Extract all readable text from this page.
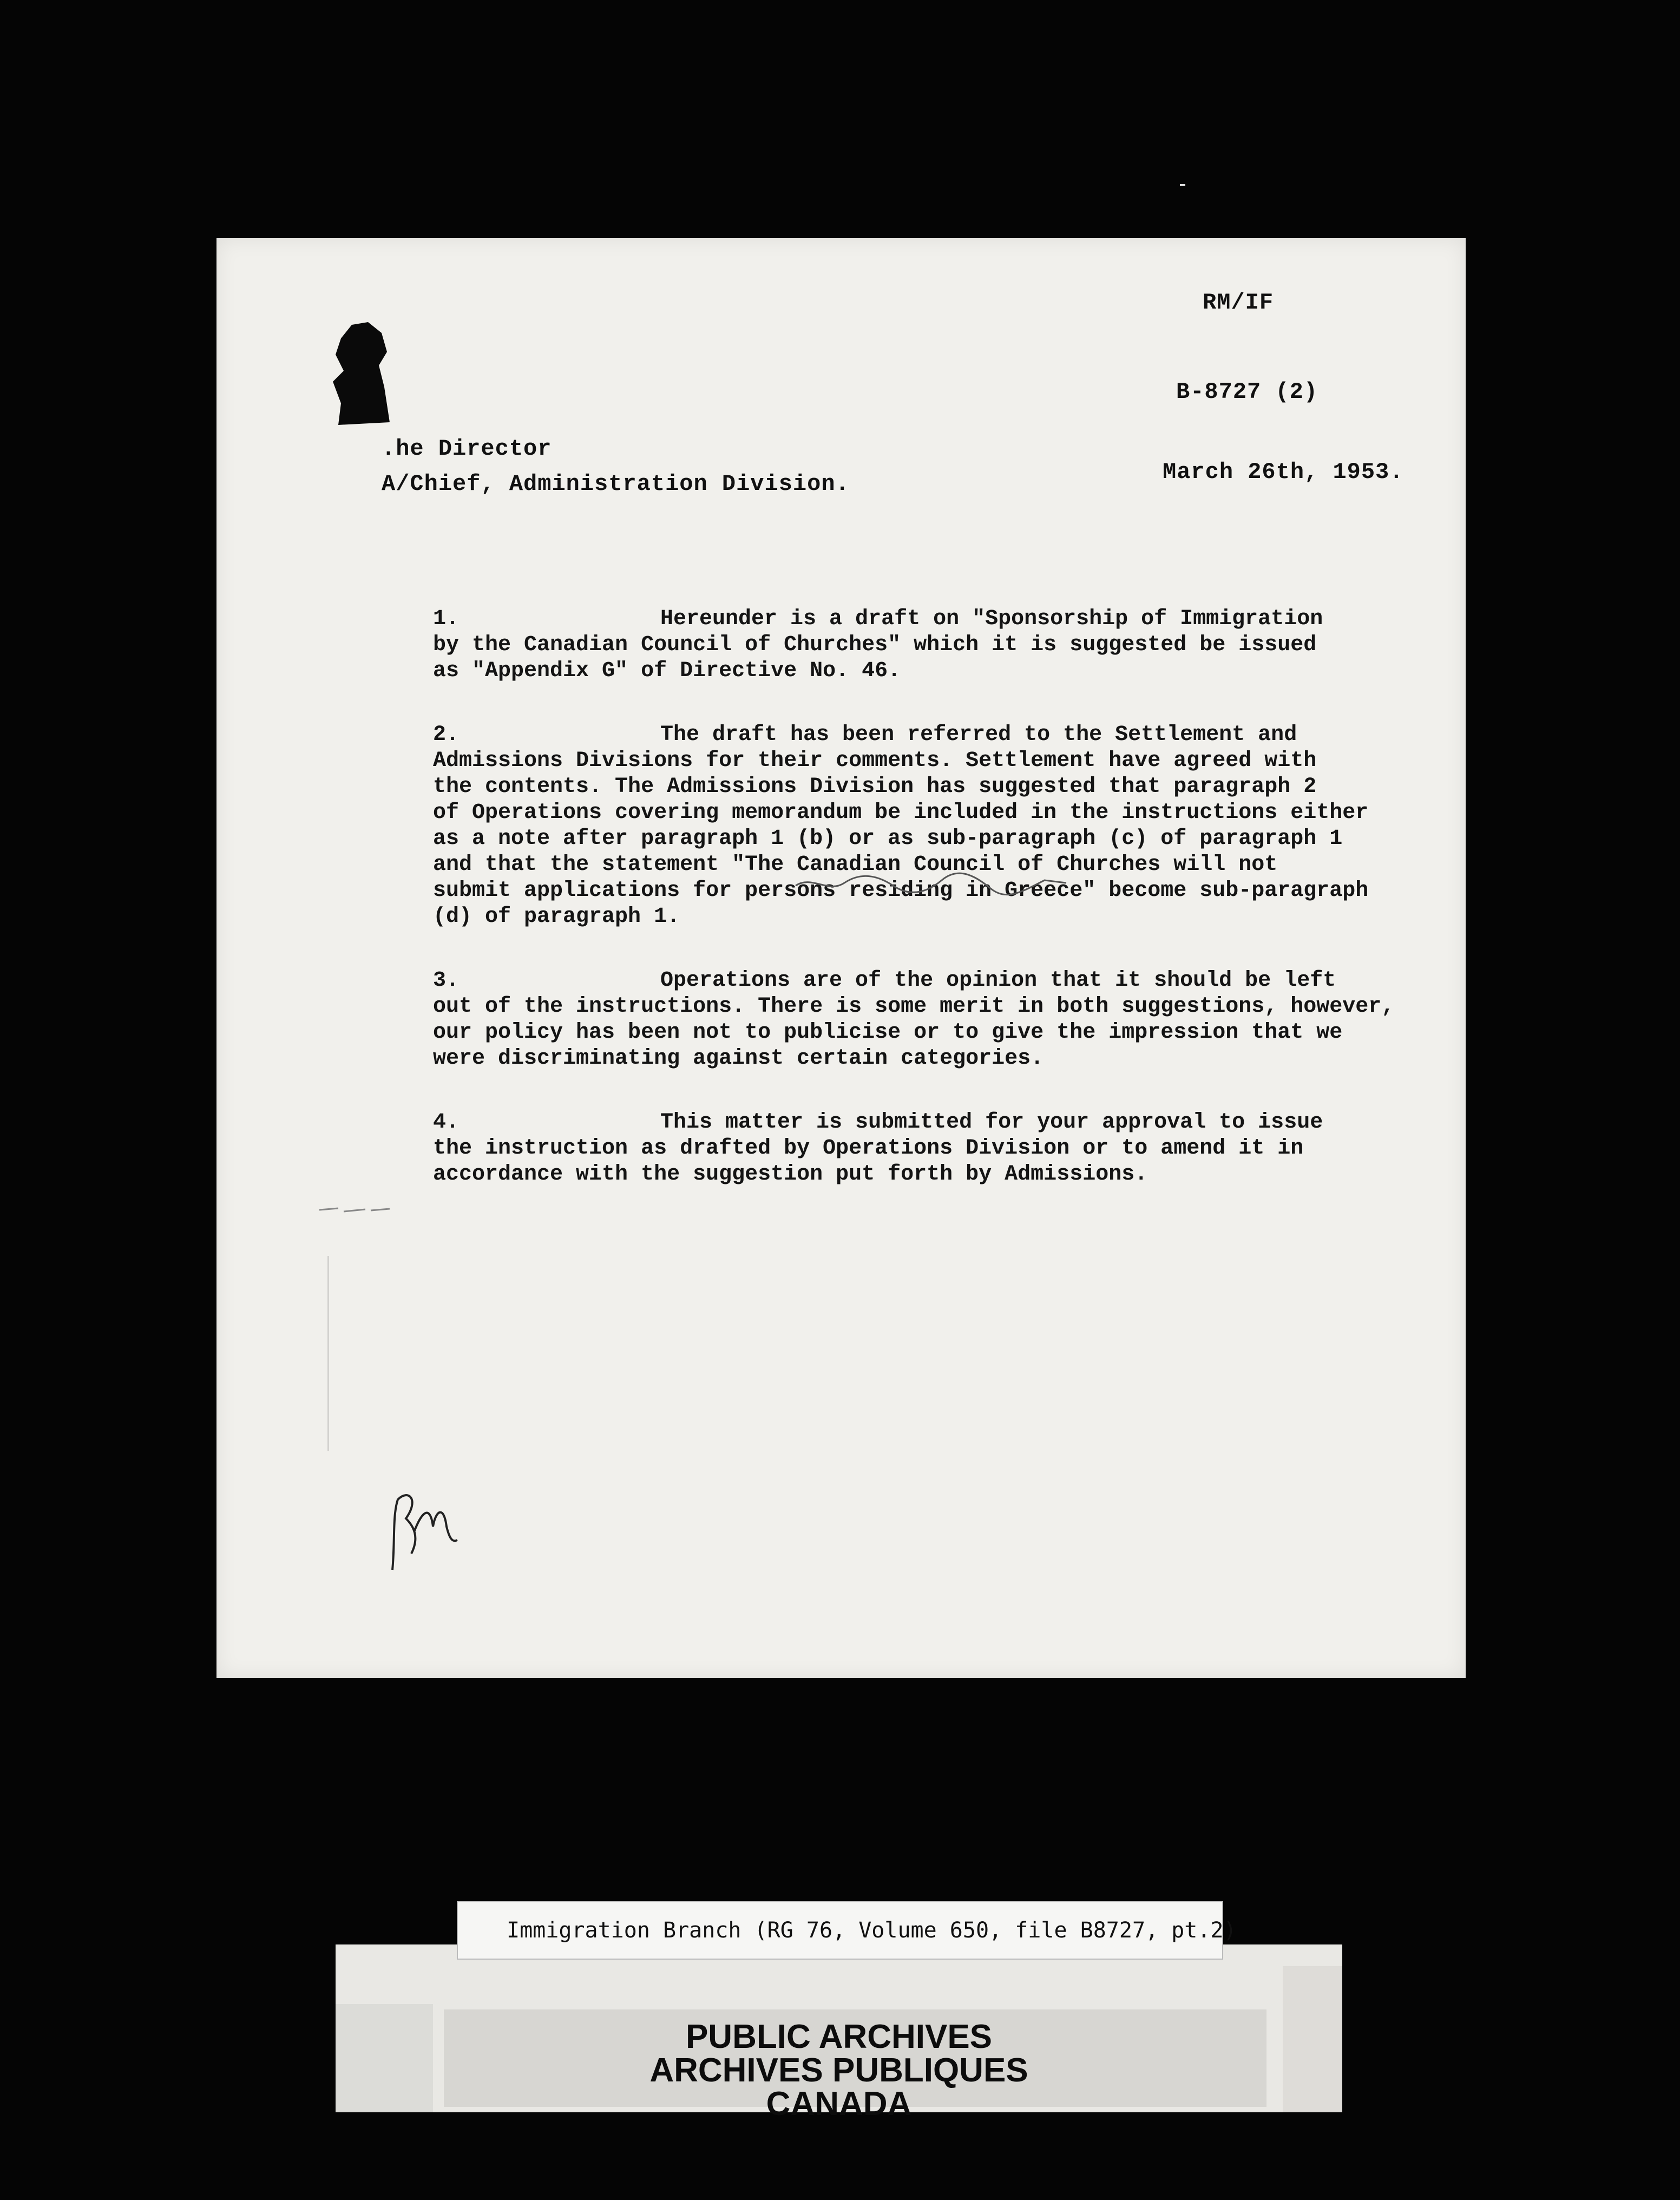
RM/IF
B-8727 (2)
.he Director
A/Chief, Administration Division.	March 26th, 1953.

1.	Hereunder is a draft on "Sponsorship of Immigration
by the Canadian Council of Churches" which it is suggested be issued
as "Appendix G" of Directive No. 46.

2.	The draft has been referred to the Settlement and
Admissions Divisions for their comments. Settlement have agreed with
the contents. The Admissions Division has suggested that paragraph 2
of Operations covering memorandum be included in the instructions either
as a note after paragraph 1 (b) or as sub-paragraph (c) of paragraph 1
and that the statement "The Canadian Council of Churches will not
submit applications for persons residing in Greece" become sub-paragraph
(d) of paragraph 1.

3.	Operations are of the opinion that it should be left
out of the instructions. There is some merit in both suggestions, however,
our policy has been not to publicise or to give the impression that we
were discriminating against certain categories.

4.	This matter is submitted for your approval to issue
the instruction as drafted by Operations Division or to amend it in
accordance with the suggestion put forth by Admissions.

PUBLIC ARCHIVES
ARCHIVES PUBLIQUES
CANADA
Immigration Branch (RG 76, Volume 650, file B8727, pt.2)
